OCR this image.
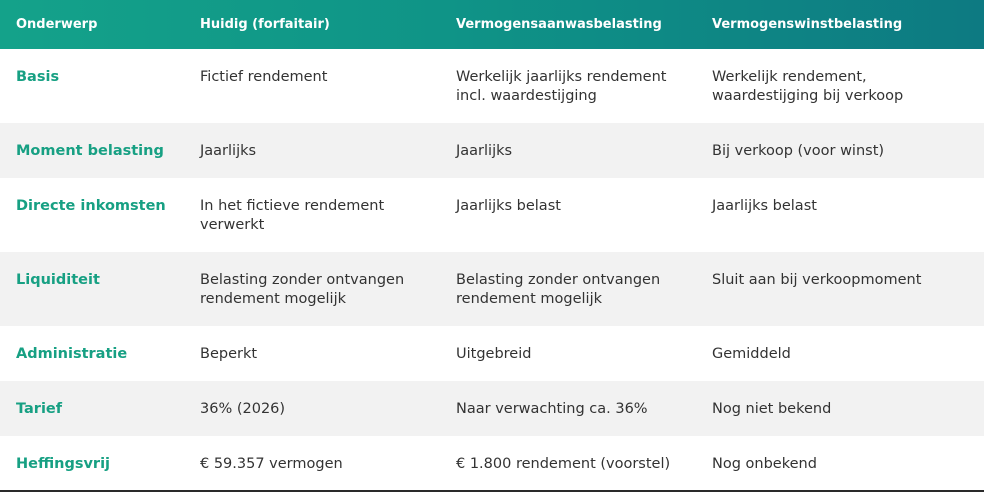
Onderwerp	Huidig (forfaitair)	Vermogensaanwasbelasting	Vermogenswinstbelasting
Basis	Fictief rendement	Werkelijk jaarlijks rendement incl. waardestijging	Werkelijk rendement, waardestijging bij verkoop
Moment belasting	Jaarlijks	Jaarlijks	Bij verkoop (voor winst)
Directe inkomsten	In het fictieve rendement verwerkt	Jaarlijks belast	Jaarlijks belast
Liquiditeit	Belasting zonder ontvangen rendement mogelijk	Belasting zonder ontvangen rendement mogelijk	Sluit aan bij verkoopmoment
Administratie	Beperkt	Uitgebreid	Gemiddeld
Tarief	36% (2026)	Naar verwachting ca. 36%	Nog niet bekend
Heffingsvrij	€ 59.357 vermogen	€ 1.800 rendement (voorstel)	Nog onbekend
